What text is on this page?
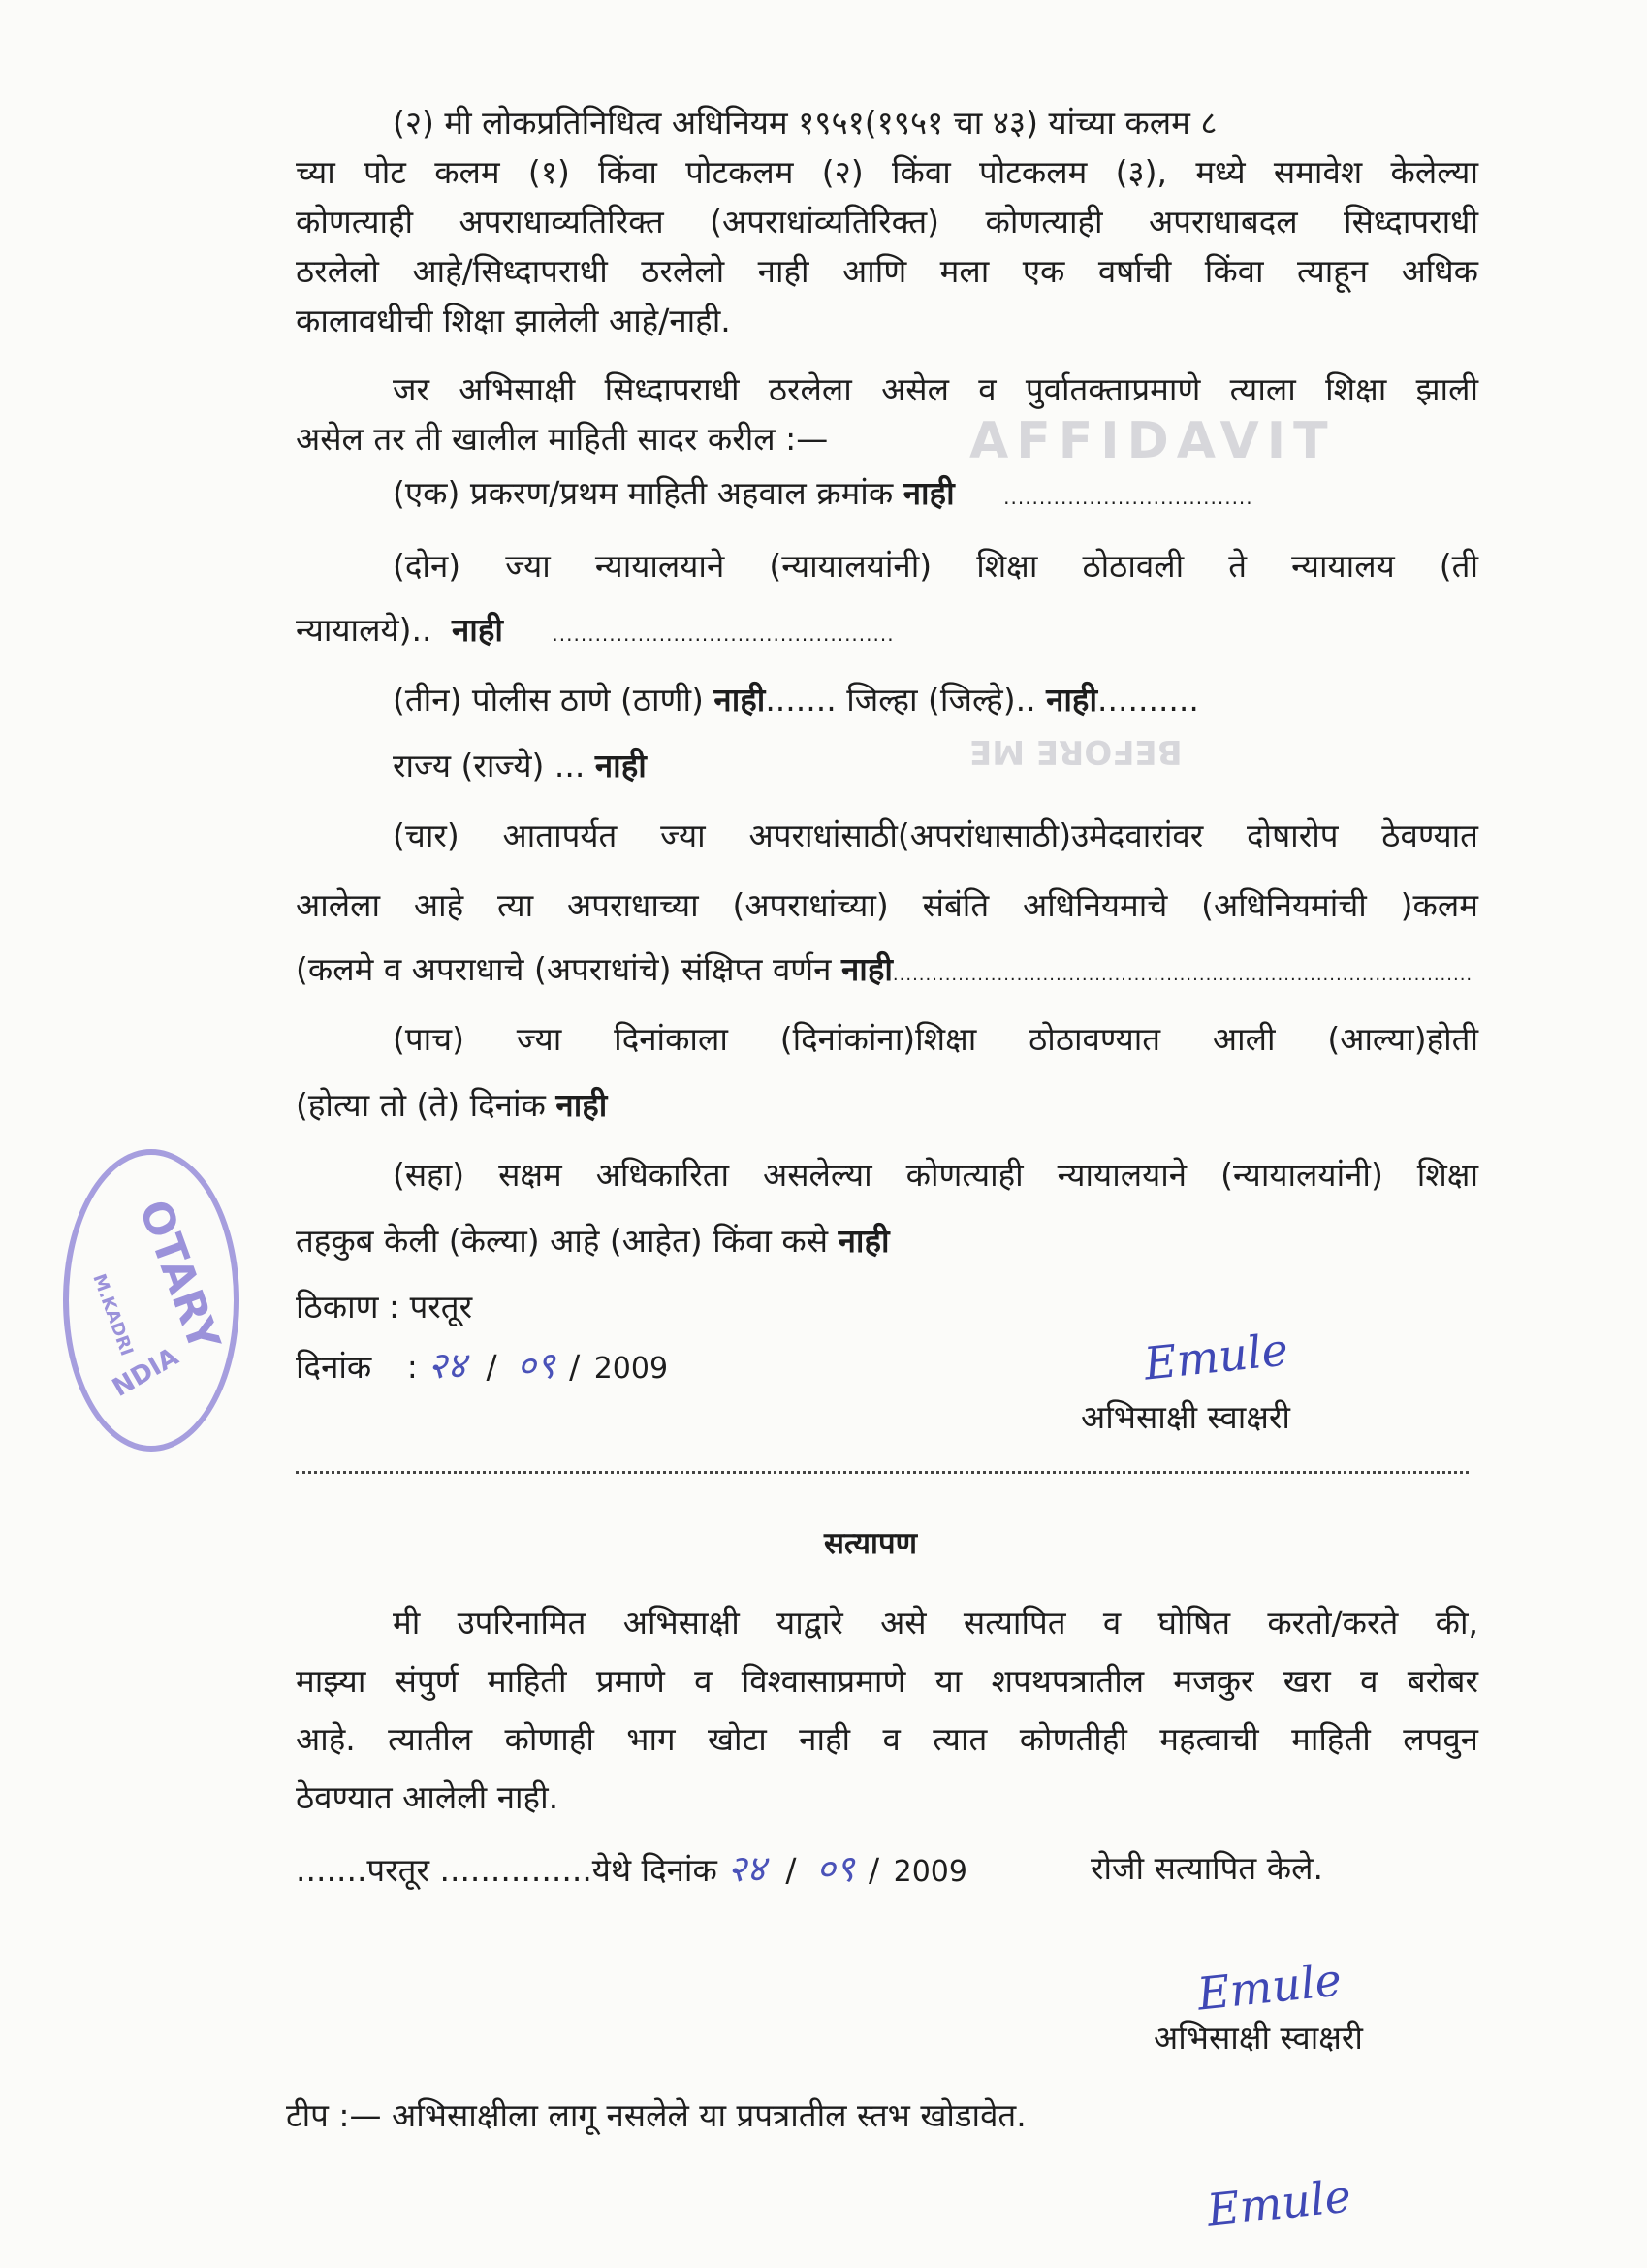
AFFIDAVIT
BEFORE ME
OTARY
M.KADRI
NDIA
(२) मी लोकप्रतिनिधित्व अधिनियम १९५१(१९५१ चा ४३) यांच्या कलम ८
च्या पोट कलम (१) किंवा पोटकलम (२) किंवा पोटकलम (३), मध्ये समावेश केलेल्या
कोणत्याही अपराधाव्यतिरिक्त (अपराधांव्यतिरिक्त) कोणत्याही अपराधाबदल सिध्दापराधी
ठरलेलो आहे/सिध्दापराधी ठरलेलो नाही आणि मला एक वर्षाची किंवा त्याहून अधिक
कालावधीची शिक्षा झालेली आहे/नाही.
जर अभिसाक्षी सिध्दापराधी ठरलेला असेल व पुर्वातक्ताप्रमाणे त्याला शिक्षा झाली
असेल तर ती खालील माहिती सादर करील :—
(एक) प्रकरण/प्रथम माहिती अहवाल क्रमांक नाही	...................................
(दोन) ज्या न्यायालयाने (न्यायालयांनी) शिक्षा ठोठावली ते न्यायालय (ती
न्यायालये).. नाही	................................................
(तीन) पोलीस ठाणे (ठाणी) नाही....... जिल्हा (जिल्हे).. नाही..........
राज्य (राज्ये) ... नाही
(चार) आतापर्यत ज्या अपराधांसाठी(अपरांधासाठी)उमेदवारांवर दोषारोप ठेवण्यात
आलेला आहे त्या अपराधाच्या (अपराधांच्या) संबंति अधिनियमाचे (अधिनियमांची )कलम
(कलमे व अपराधाचे (अपराधांचे) संक्षिप्त वर्णन नाही.........................................................................................
(पाच) ज्या दिनांकाला (दिनांकांना)शिक्षा ठोठावण्यात आली (आल्या)होती
(होत्या तो (ते) दिनांक नाही
(सहा) सक्षम अधिकारिता असलेल्या कोणत्याही न्यायालयाने (न्यायालयांनी) शिक्षा
तहकुब केली (केल्या) आहे (आहेत) किंवा कसे नाही
ठिकाण : परतूर
दिनांक : २४ / ०९ / 2009	Emule
अभिसाक्षी स्वाक्षरी
सत्यापण
मी उपरिनामित अभिसाक्षी याद्वारे असे सत्यापित व घोषित करतो/करते की,
माझ्या संपुर्ण माहिती प्रमाणे व विश्वासाप्रमाणे या शपथपत्रातील मजकुर खरा व बरोबर
आहे. त्यातील कोणाही भाग खोटा नाही व त्यात कोणतीही महत्वाची माहिती लपवुन
ठेवण्यात आलेली नाही.
.......परतूर ...............येथे दिनांक २४ / ०९ / 2009	रोजी सत्यापित केले.
Emule
अभिसाक्षी स्वाक्षरी
टीप :— अभिसाक्षीला लागू नसलेले या प्रपत्रातील स्तभ खोडावेत.
Emule
